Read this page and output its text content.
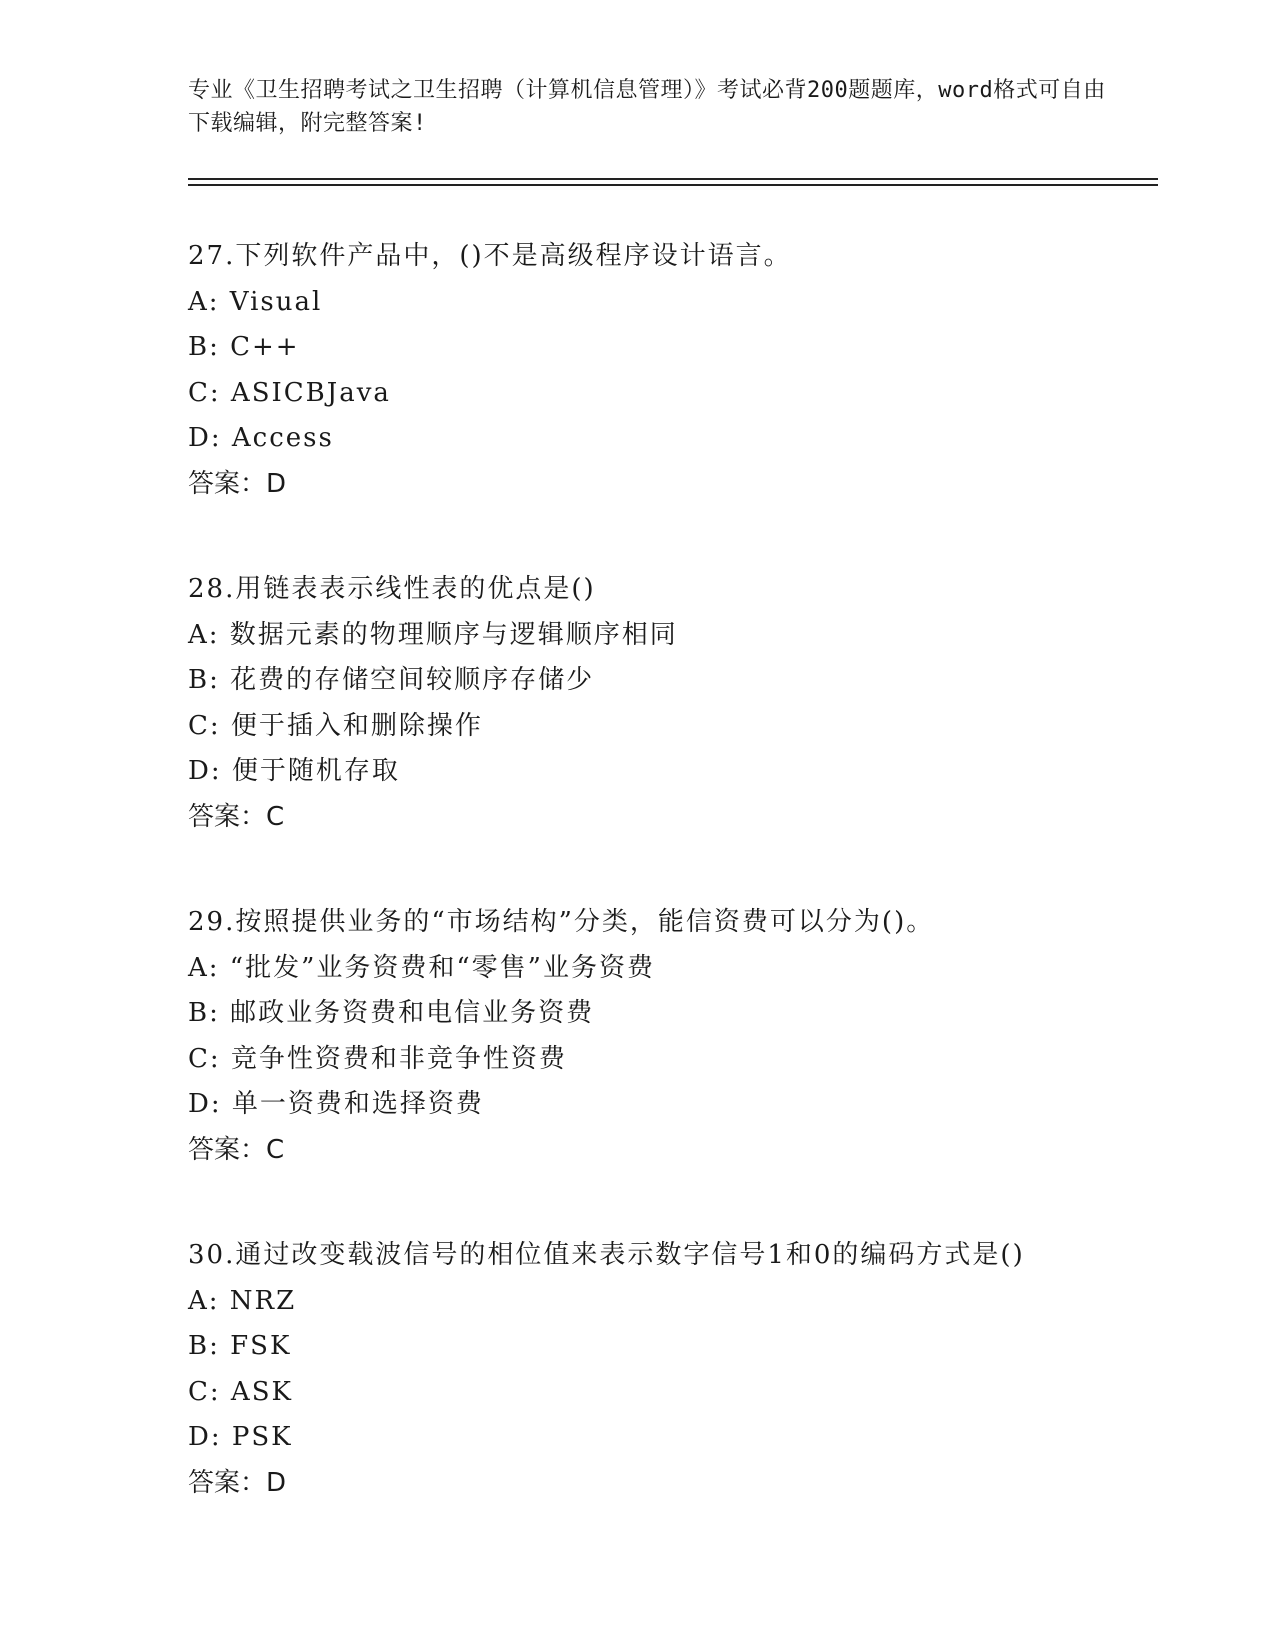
专业《卫生招聘考试之卫生招聘（计算机信息管理）》考试必背200题题库，word格式可自由下载编辑，附完整答案!
27.下列软件产品中，()不是高级程序设计语言。
A: Visual
B: C++
C: ASICBJava
D: Access
答案：D
28.用链表表示线性表的优点是()
A: 数据元素的物理顺序与逻辑顺序相同
B: 花费的存储空间较顺序存储少
C: 便于插入和删除操作
D: 便于随机存取
答案：C
29.按照提供业务的“市场结构”分类，能信资费可以分为()。
A: “批发”业务资费和“零售”业务资费
B: 邮政业务资费和电信业务资费
C: 竞争性资费和非竞争性资费
D: 单一资费和选择资费
答案：C
30.通过改变载波信号的相位值来表示数字信号1和0的编码方式是()
A: NRZ
B: FSK
C: ASK
D: PSK
答案：D
